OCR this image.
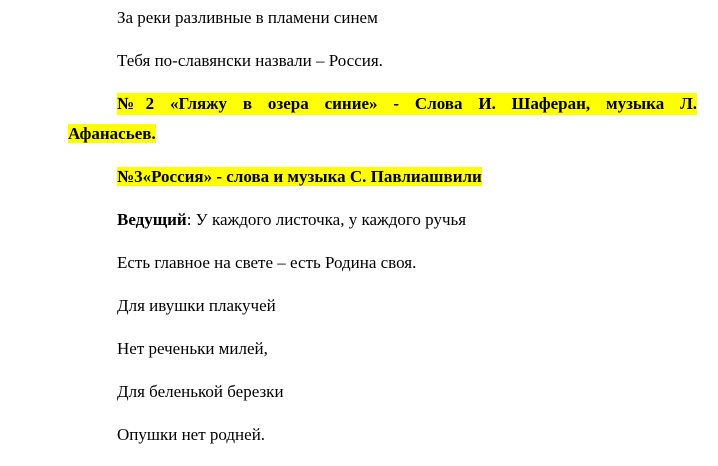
За реки разливные в пламени синем

Тебя по-славянски назвали – Россия.

№2 «Гляжу в озера синие» - Слова И. Шаферан, музыка Л.
Афанасьев.

№3«Россия» - слова и музыка С. Павлиашвили

Ведущий: У каждого листочка, у каждого ручья

Есть главное на свете – есть Родина своя.

Для ивушки плакучей

Нет реченьки милей,

Для беленькой березки

Опушки нет родней.
